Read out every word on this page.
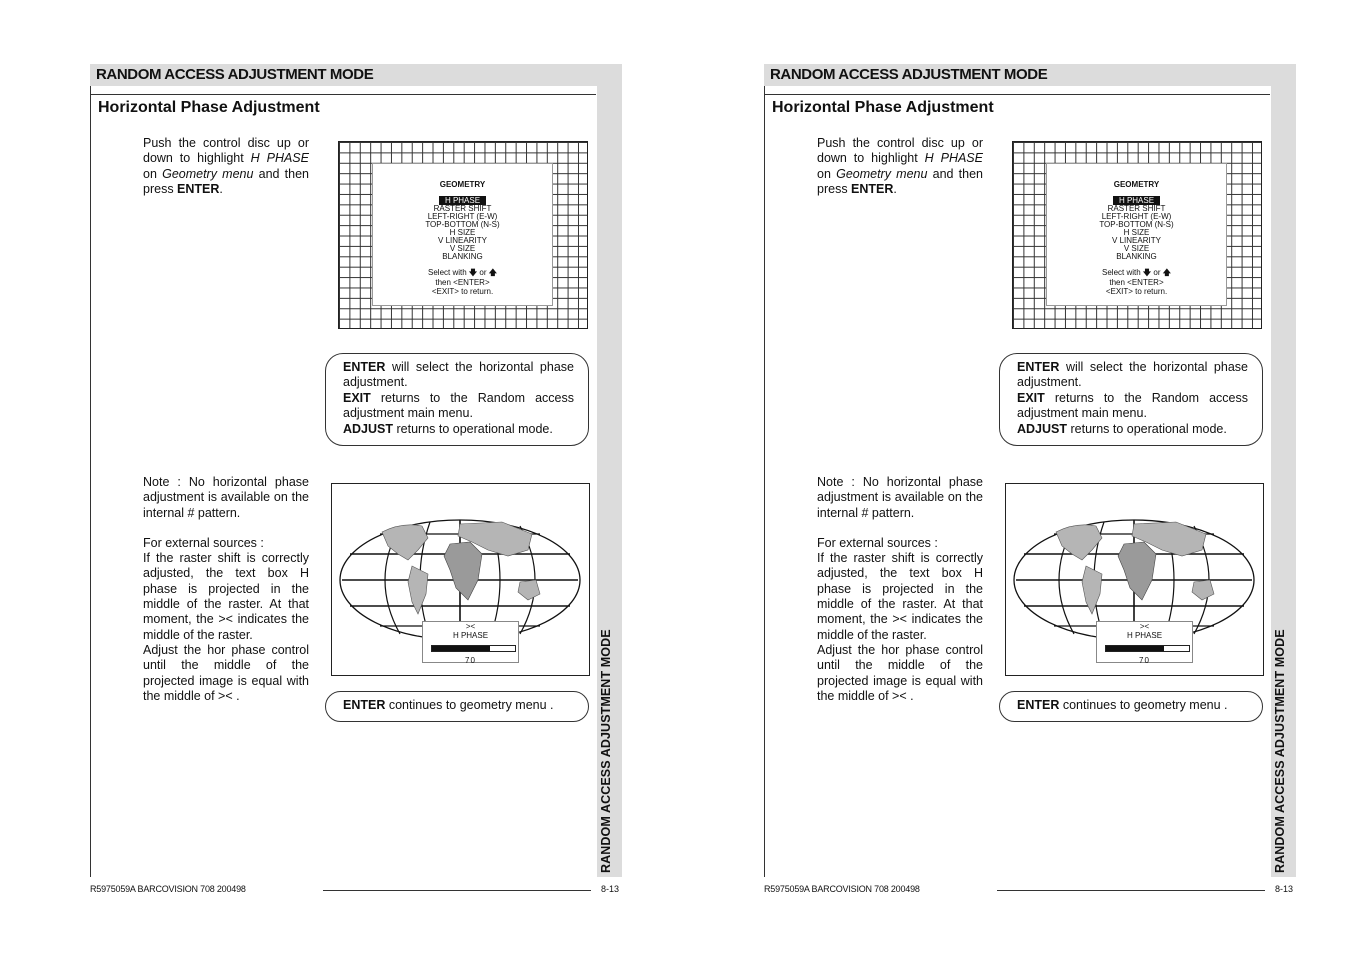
RANDOM ACCESS ADJUSTMENT MODE
Horizontal Phase Adjustment

Push the control disc up or down to highlight H PHASE on Geometry menu and then press ENTER.	GEOMETRY
H PHASE
RASTER SHIFT
LEFT-RIGHT (E-W)
TOP-BOTTOM (N-S)
H SIZE
V LINEARITY
V SIZE
BLANKING
Select with 🡇 or 🡅
then <ENTER>
<EXIT> to return.

ENTER will select the horizontal phase adjustment.

EXIT returns to the Random access adjustment main menu.

ADJUST returns to operational mode.

Note : No horizontal phase adjustment is available on the internal # pattern.

For external sources :

If the raster shift is correctly adjusted, the text box H phase is projected in the middle of the raster. At that moment, the >< indicates the middle of the raster.

Adjust the hor phase control until the middle of the projected image is equal with the middle of >< .

><
H PHASE
70

ENTER continues to geometry menu .	RANDOM ACCESS ADJUSTMENT MODE
R5975059A BARCOVISION 708 200498	8-13
RANDOM ACCESS ADJUSTMENT MODE
Horizontal Phase Adjustment

Push the control disc up or down to highlight H PHASE on Geometry menu and then press ENTER.	GEOMETRY
H PHASE
RASTER SHIFT
LEFT-RIGHT (E-W)
TOP-BOTTOM (N-S)
H SIZE
V LINEARITY
V SIZE
BLANKING
Select with 🡇 or 🡅
then <ENTER>
<EXIT> to return.

ENTER will select the horizontal phase adjustment.

EXIT returns to the Random access adjustment main menu.

ADJUST returns to operational mode.

Note : No horizontal phase adjustment is available on the internal # pattern.

For external sources :

If the raster shift is correctly adjusted, the text box H phase is projected in the middle of the raster. At that moment, the >< indicates the middle of the raster.

Adjust the hor phase control until the middle of the projected image is equal with the middle of >< .

><
H PHASE
70

ENTER continues to geometry menu .	RANDOM ACCESS ADJUSTMENT MODE
R5975059A BARCOVISION 708 200498	8-13
